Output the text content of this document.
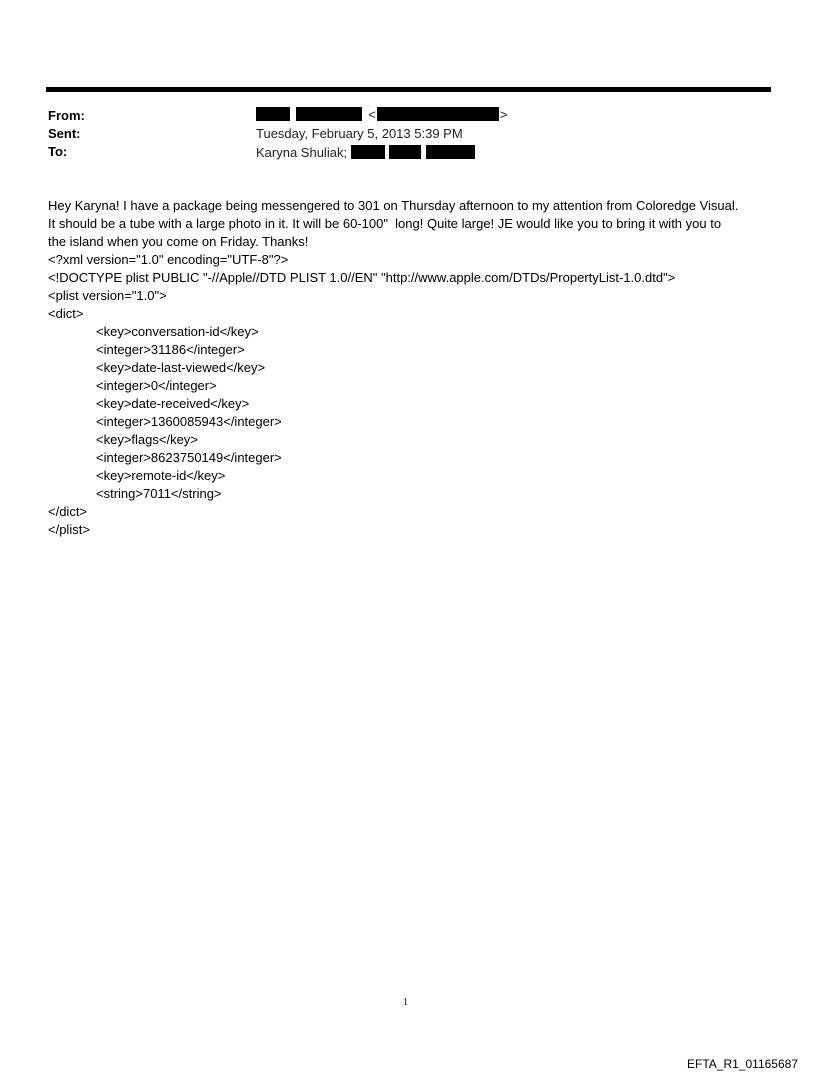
From:
Sent:
To:
<	>
Tuesday, February 5, 2013 5:39 PM
Karyna Shuliak;
Hey Karyna! I have a package being messengered to 301 on Thursday afternoon to my attention from Coloredge Visual.
It should be a tube with a large photo in it. It will be 60-100"  long! Quite large! JE would like you to bring it with you to
the island when you come on Friday. Thanks!
<?xml version="1.0" encoding="UTF-8"?>
<!DOCTYPE plist PUBLIC "-//Apple//DTD PLIST 1.0//EN" "http://www.apple.com/DTDs/PropertyList-1.0.dtd">
<plist version="1.0">
<dict>
<key>conversation-id</key>
<integer>31186</integer>
<key>date-last-viewed</key>
<integer>0</integer>
<key>date-received</key>
<integer>1360085943</integer>
<key>flags</key>
<integer>8623750149</integer>
<key>remote-id</key>
<string>7011</string>
</dict>
</plist>
1
EFTA_R1_01165687
